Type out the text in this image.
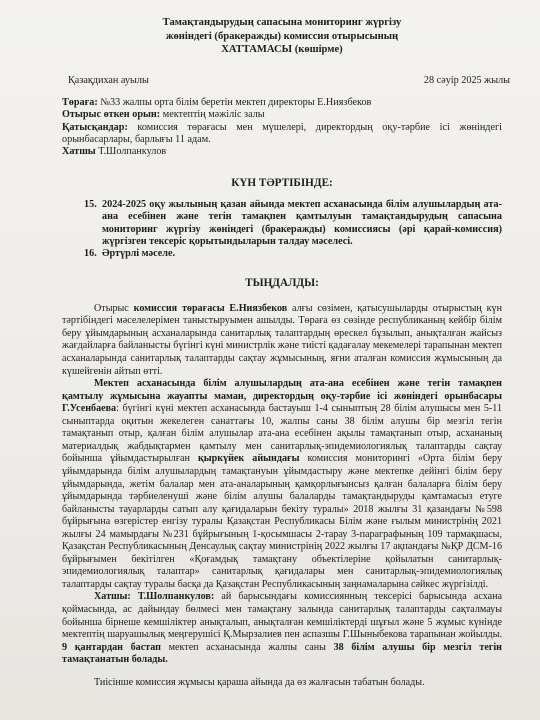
Тамақтандырудың сапасына мониторинг жүргізу
жөніндегі (бракеражды) комиссия отырысының
ХАТТАМАСЫ (көшірме)
Қазақдихан ауылы	28 сәуір 2025 жылы

Төраға: №33 жалпы орта білім беретін мектеп директоры Е.Ниязбеков

Отырыс өткен орын: мектептің мәжіліс залы

Қатысқандар: комиссия төрағасы мен мүшелері, директордың оқу-тәрбие ісі жөніндегі орынбасарлары, барлығы 11 адам.

Хатшы Т.Шолпанкулов

КҮН ТӘРТІБІНДЕ:
15. 2024-2025 оқу жылының қазан айында мектеп асханасында білім алушылардың ата-ана есебінен және тегін тамақпен қамтылуын тамақтандырудың сапасына мониторинг жүргізу жөніндегі (бракеражды) комиссиясы (әрі қарай-комиссия) жүргізген тексеріс қорытындыларын талдау мәселесі.
16. Әртүрлі мәселе.
ТЫҢДАЛДЫ:

Отырыс комиссия төрағасы Е.Ниязбеков алғы сөзімен, қатысушыларды отырыстың күн тәртібіндегі мәселелерімен таныстыруымен ашылды. Төраға өз сөзінде республиканың кейбір білім беру ұйымдарының асханаларында санитарлық талаптардың өрескел бұзылып, анықталған жайсыз жағдайларға байланысты бүгінгі күні министрлік және тиісті қадағалау мекемелері тарапынан мектеп асханаларында санитарлық талаптарды сақтау жұмысының, яғни аталған комиссия жұмысының да күшейгенін айтып өтті.

Мектеп асханасында білім алушылардың ата-ана есебінен және тегін тамақпен қамтылу жұмысына жауапты маман, директордың оқу-тәрбие ісі жөніндегі орынбасары Г.Усенбаева: бүгінгі күні мектеп асханасында бастауыш 1-4 сыныптың 28 білім алушысы мен 5-11 сыныптарда оқитын жекелеген санаттағы 10, жалпы саны 38 білім алушы бір мезгіл тегін тамақтанып отыр, қалған білім алушылар ата-ана есебінен ақылы тамақтанып отыр, асхананың материалдық жабдықтармен қамтылу мен санитарлық-эпидемиологиялық талаптарды сақтау бойынша ұйымдастырылған қыркүйек айындағы комиссия мониторингі «Орта білім беру ұйымдарында білім алушылардың тамақтануын ұйымдастыру және мектепке дейінгі білім беру ұйымдарында, жетім балалар мен ата-аналарының қамқорлығынсыз қалған балаларға білім беру ұйымдарында тәрбиеленуші және білім алушы балаларды тамақтандыруды қамтамасыз етуге байланысты тауарларды сатып алу қағидаларын бекіту туралы» 2018 жылғы 31 қазандағы №598 бұйрығына өзгерістер енгізу туралы Қазақстан Республикасы Білім және ғылым министрінің 2021 жылғы 24 мамырдағы №231 бұйрығының 1-қосымшасы 2-тарау 3-параграфының 109 тармақшасы, Қазақстан Республикасының Денсаулық сақтау министрінің 2022 жылғы 17 ақпандағы №ҚР ДСМ-16 бұйрығымен бекітілген «Қоғамдық тамақтану объектілеріне қойылатын санитарлық-эпидемиологиялық талаптар» санитарлық қағидалары мен санитарлық-эпидемиологиялық талаптарды сақтау туралы басқа да Қазақстан Республикасының заңнамаларына сәйкес жүргізілді.

Хатшы: Т.Шолпанкулов: ай барысындағы комиссиянның тексерісі барысында асхана қоймасында, ас дайындау бөлмесі мен тамақтану залында санитарлық талаптарды сақталмауы бойынша бірнеше кемшіліктер анықталып, анықталған кемшіліктерді шұғыл және 5 жұмыс күнінде мектептің шаруашылық меңгерушісі Қ.Мырзалиев пен аспазшы Г.Шыныбекова тарапынан жойылды. 9 қантардан бастап мектеп асханасында жалпы саны 38 білім алушы бір мезгіл тегін тамақтанатын болады.

Тиісінше комиссия жұмысы қараша айында да өз жалғасын табатын болады.
